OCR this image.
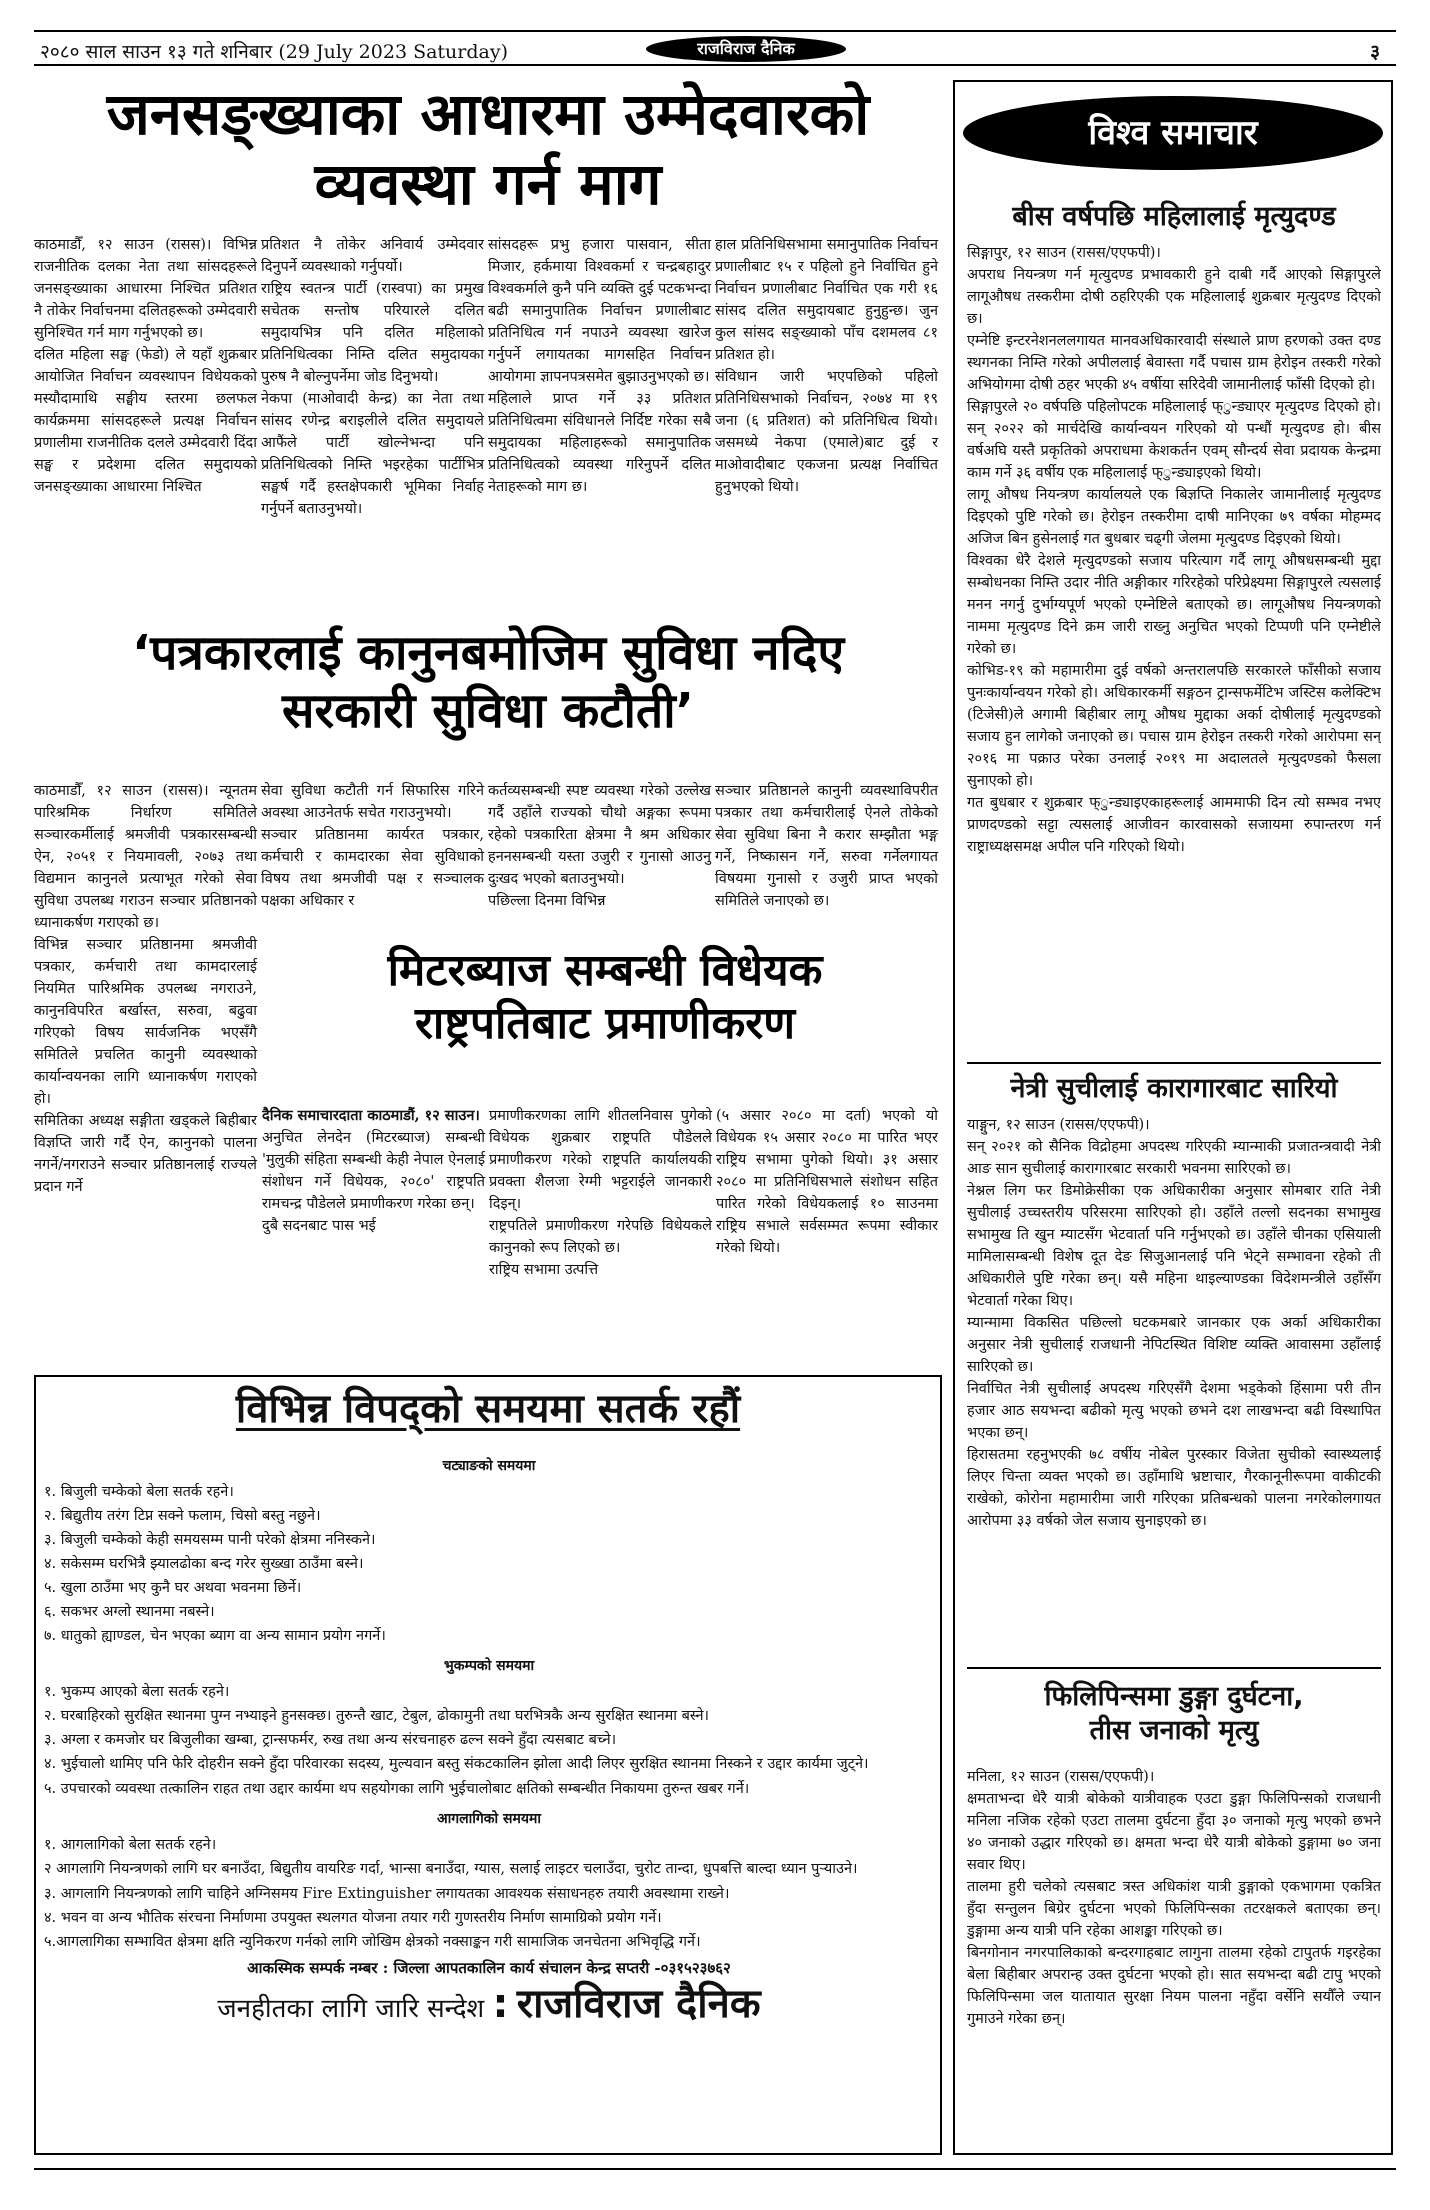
२०८० साल साउन १३ गते शनिबार (29 July 2023 Saturday)	राजविराज दैनिक	३
जनसङ्ख्याका आधारमा उम्मेदवारको
व्यवस्था गर्न माग

काठमाडौँ, १२ साउन (रासस)। विभिन्न राजनीतिक दलका नेता तथा सांसदहरूले जनसङ्ख्याका आधारमा निश्चित प्रतिशत नै तोकेर निर्वाचनमा दलितहरूको उम्मेदवारी सुनिश्चित गर्न माग गर्नुभएको छ।

दलित महिला सङ्घ (फेडो) ले यहाँ शुक्रबार आयोजित निर्वाचन व्यवस्थापन विधेयकको मस्यौदामाथि सङ्घीय स्तरमा छलफल कार्यक्रममा सांसदहरूले प्रत्यक्ष निर्वाचन प्रणालीमा राजनीतिक दलले उम्मेदवारी दिंदा सङ्घ र प्रदेशमा दलित समुदायको जनसङ्ख्याका आधारमा निश्चित

प्रतिशत नै तोकेर अनिवार्य उम्मेदवार दिनुपर्ने व्यवस्थाको गर्नुपर्यो।

राष्ट्रिय स्वतन्त्र पार्टी (रास्वपा) का प्रमुख सचेतक सन्तोष परियारले दलित समुदायभित्र पनि दलित महिलाको प्रतिनिधित्वका निम्ति दलित समुदायका पुरुष नै बोल्नुपर्नेमा जोड दिनुभयो।

नेकपा (माओवादी केन्द्र) का नेता तथा सांसद रणेन्द्र बराइलीले दलित समुदायले आफैंले पार्टी खोल्नेभन्दा पनि प्रतिनिधित्वको निम्ति भइरहेका पार्टीभित्र सङ्घर्ष गर्दै हस्तक्षेपकारी भूमिका निर्वाह गर्नुपर्ने बताउनुभयो।

सांसदहरू प्रभु हजारा पासवान, सीता मिजार, हर्कमाया विश्वकर्मा र चन्द्रबहादुर विश्वकर्माले कुनै पनि व्यक्ति दुई पटकभन्दा बढी समानुपातिक निर्वाचन प्रणालीबाट प्रतिनिधित्व गर्न नपाउने व्यवस्था खारेज गर्नुपर्ने लगायतका मागसहित निर्वाचन आयोगमा ज्ञापनपत्रसमेत बुझाउनुभएको छ।

महिलाले प्राप्त गर्ने ३३ प्रतिशत प्रतिनिधित्वमा संविधानले निर्दिष्ट गरेका सबै समुदायका महिलाहरूको समानुपातिक प्रतिनिधित्वको व्यवस्था गरिनुपर्ने दलित नेताहरूको माग छ।

हाल प्रतिनिधिसभामा समानुपातिक निर्वाचन प्रणालीबाट १५ र पहिलो हुने निर्वाचित हुने निर्वाचन प्रणालीबाट निर्वाचित एक गरी १६ सांसद दलित समुदायबाट हुनुहुन्छ। जुन कुल सांसद सङ्ख्याको पाँच दशमलव ८१ प्रतिशत हो।

संविधान जारी भएपछिको पहिलो प्रतिनिधिसभाको निर्वाचन, २०७४ मा १९ जना (६ प्रतिशत) को प्रतिनिधित्व थियो। जसमध्ये नेकपा (एमाले)बाट दुई र माओवादीबाट एकजना प्रत्यक्ष निर्वाचित हुनुभएको थियो।

‘पत्रकारलाई कानुनबमोजिम सुविधा नदिए
सरकारी सुविधा कटौती’

काठमाडौँ, १२ साउन (रासस)। न्यूनतम पारिश्रमिक निर्धारण समितिले सञ्चारकर्मीलाई श्रमजीवी पत्रकारसम्बन्धी ऐन, २०५१ र नियमावली, २०७३ तथा विद्यमान कानुनले प्रत्याभूत गरेको सेवा सुविधा उपलब्ध गराउन सञ्चार प्रतिष्ठानको ध्यानाकर्षण गराएको छ।

विभिन्न सञ्चार प्रतिष्ठानमा श्रमजीवी पत्रकार, कर्मचारी तथा कामदारलाई नियमित पारिश्रमिक उपलब्ध नगराउने, कानुनविपरित बर्खास्त, सरुवा, बढुवा गरिएको विषय सार्वजनिक भएसँगै समितिले प्रचलित कानुनी व्यवस्थाको कार्यान्वयनका लागि ध्यानाकर्षण गराएको हो।

समितिका अध्यक्ष सङ्गीता खड्कले बिहीबार विज्ञप्ति जारी गर्दै ऐन, कानुनको पालना नगर्ने/नगराउने सञ्चार प्रतिष्ठानलाई राज्यले प्रदान गर्ने

सेवा सुविधा कटौती गर्न सिफारिस गरिने अवस्था आउनेतर्फ सचेत गराउनुभयो।

सञ्चार प्रतिष्ठानमा कार्यरत पत्रकार, कर्मचारी र कामदारका सेवा सुविधाको विषय तथा श्रमजीवी पक्ष र सञ्चालक पक्षका अधिकार र

कर्तव्यसम्बन्धी स्पष्ट व्यवस्था गरेको उल्लेख गर्दै उहाँले राज्यको चौथो अङ्गका रूपमा रहेको पत्रकारिता क्षेत्रमा नै श्रम अधिकार हननसम्बन्धी यस्ता उजुरी र गुनासो आउनु दुःखद भएको बताउनुभयो।

पछिल्ला दिनमा विभिन्न

सञ्चार प्रतिष्ठानले कानुनी व्यवस्थाविपरीत पत्रकार तथा कर्मचारीलाई ऐनले तोकेको सेवा सुविधा बिना नै करार सम्झौता भङ्ग गर्ने, निष्कासन गर्ने, सरुवा गर्नेलगायत विषयमा गुनासो र उजुरी प्राप्त भएको समितिले जनाएको छ।

मिटरब्याज सम्बन्धी विधेयक
राष्ट्रपतिबाट प्रमाणीकरण

दैनिक समाचारदाता काठमाडौं, १२ साउन।

अनुचित लेनदेन (मिटरब्याज) सम्बन्धी 'मुलुकी संहिता सम्बन्धी केही नेपाल ऐनलाई संशोधन गर्ने विधेयक, २०८०' राष्ट्रपति रामचन्द्र पौडेलले प्रमाणीकरण गरेका छन्।

दुबै सदनबाट पास भई

प्रमाणीकरणका लागि शीतलनिवास पुगेको विधेयक शुक्रबार राष्ट्रपति पौडेलले प्रमाणीकरण गरेको राष्ट्रपति कार्यालयकी प्रवक्ता शैलजा रेग्मी भट्टराईले जानकारी दिइन्।

राष्ट्रपतिले प्रमाणीकरण गरेपछि विधेयकले कानुनको रूप लिएको छ।

राष्ट्रिय सभामा उत्पत्ति

(५ असार २०८० मा दर्ता) भएको यो विधेयक १५ असार २०८० मा पारित भएर राष्ट्रिय सभामा पुगेको थियो। ३१ असार २०८० मा प्रतिनिधिसभाले संशोधन सहित पारित गरेको विधेयकलाई १० साउनमा राष्ट्रिय सभाले सर्वसम्मत रूपमा स्वीकार गरेको थियो।

विभिन्न विपद्को समयमा सतर्क रहौं
चट्याङको समयमा
१. बिजुली चम्केको बेला सतर्क रहने।
२. बिद्युतीय तरंग टिप्न सक्ने फलाम, चिसो बस्तु नछुने।
३. बिजुली चम्केको केही समयसम्म पानी परेको क्षेत्रमा ननिस्कने।
४. सकेसम्म घरभित्रै झ्यालढोका बन्द गरेर सुख्खा ठाउँमा बस्ने।
५. खुला ठाउँमा भए कुनै घर अथवा भवनमा छिर्ने।
६. सकभर अग्लो स्थानमा नबस्ने।
७. धातुको ह्याण्डल, चेन भएका ब्याग वा अन्य सामान प्रयोग नगर्ने।
भुकम्पको समयमा
१. भुकम्प आएको बेला सतर्क रहने।
२. घरबाहिरको सुरक्षित स्थानमा पुग्न नभ्याइने हुनसक्छ। तुरुन्तै खाट, टेबुल, ढोकामुनी तथा घरभित्रकै अन्य सुरक्षित स्थानमा बस्ने।
३. अग्ला र कमजोर घर बिजुलीका खम्बा, ट्रान्सफर्मर, रुख तथा अन्य संरचनाहरु ढल्न सक्ने हुँदा त्यसबाट बच्ने।
४. भुईचालो थामिए पनि फेरि दोहरीन सक्ने हुँदा परिवारका सदस्य, मुल्यवान बस्तु संकटकालिन झोला आदी लिएर सुरक्षित स्थानमा निस्कने र उद्दार कार्यमा जुट्ने।
५. उपचारको व्यवस्था तत्कालिन राहत तथा उद्दार कार्यमा थप सहयोगका लागि भुईचालोबाट क्षतिको सम्बन्धीत निकायमा तुरुन्त खबर गर्ने।
आगलागिको समयमा
१. आगलागिको बेला सतर्क रहने।
२ आगलागि नियन्त्रणको लागि घर बनाउँदा, बिद्युतीय वायरिङ गर्दा, भान्सा बनाउँदा, ग्यास, सलाई लाइटर चलाउँदा, चुरोट तान्दा, धुपबत्ति बाल्दा ध्यान पुऱ्याउने।
३. आगलागि नियन्त्रणको लागि चाहिने अग्निसमय Fire Extinguisher लगायतका आवश्यक संसाधनहरु तयारी अवस्थामा राख्ने।
४. भवन वा अन्य भौतिक संरचना निर्माणमा उपयुक्त स्थलगत योजना तयार गरी गुणस्तरीय निर्माण सामाग्रिको प्रयोग गर्ने।
५.आगलागिका सम्भावित क्षेत्रमा क्षति न्युनिकरण गर्नको लागि जोखिम क्षेत्रको नक्साङ्कन गरी सामाजिक जनचेतना अभिवृद्धि गर्ने।
आकस्मिक सम्पर्क नम्बर : जिल्ला आपतकालिन कार्य संचालन केन्द्र सप्तरी -०३१५२३७६२
जनहीतका लागि जारि सन्देश : राजविराज दैनिक
विश्व समाचार
बीस वर्षपछि महिलालाई मृत्युदण्ड

सिङ्गापुर, १२ साउन (रासस/एएफपी)।

अपराध नियन्त्रण गर्न मृत्युदण्ड प्रभावकारी हुने दाबी गर्दै आएको सिङ्गापुरले लागूऔषध तस्करीमा दोषी ठहरिएकी एक महिलालाई शुक्रबार मृत्युदण्ड दिएको छ।

एम्नेष्टि इन्टरनेशनललगायत मानवअधिकारवादी संस्थाले प्राण हरणको उक्त दण्ड स्थगनका निम्ति गरेको अपीललाई बेवास्ता गर्दै पचास ग्राम हेरोइन तस्करी गरेको अभियोगमा दोषी ठहर भएकी ४५ वर्षीया सरिदेवी जामानीलाई फाँसी दिएको हो।

सिङ्गापुरले २० वर्षपछि पहिलोपटक महिलालाई फ्ुन्ड्याएर मृत्युदण्ड दिएको हो। सन् २०२२ को मार्चदेखि कार्यान्वयन गरिएको यो पन्धौं मृत्युदण्ड हो। बीस वर्षअघि यस्तै प्रकृतिको अपराधमा केशकर्तन एवम् सौन्दर्य सेवा प्रदायक केन्द्रमा काम गर्ने ३६ वर्षीय एक महिलालाई फ्ुन्ड्याइएको थियो।

लागू औषध नियन्त्रण कार्यालयले एक बिज्ञप्ति निकालेर जामानीलाई मृत्युदण्ड दिइएको पुष्टि गरेको छ। हेरोइन तस्करीमा दाषी मानिएका ७९ वर्षका मोहम्मद अजिज बिन हुसेनलाई गत बुधबार चढ्गी जेलमा मृत्युदण्ड दिइएको थियो।

विश्वका धेरै देशले मृत्युदण्डको सजाय परित्याग गर्दै लागू औषधसम्बन्धी मुद्दा सम्बोधनका निम्ति उदार नीति अङ्गीकार गरिरहेको परिप्रेक्ष्यमा सिङ्गापुरले त्यसलाई मनन नगर्नु दुर्भाग्यपूर्ण भएको एम्नेष्टिले बताएको छ। लागूऔषध नियन्त्रणको नाममा मृत्युदण्ड दिने क्रम जारी राख्नु अनुचित भएको टिप्पणी पनि एम्नेष्टीले गरेको छ।

कोभिड-१९ को महामारीमा दुई वर्षको अन्तरालपछि सरकारले फाँसीको सजाय पुनःकार्यान्वयन गरेको हो। अधिकारकर्मी सङ्गठन ट्रान्सफर्मेटिभ जस्टिस कलेक्टिभ (टिजेसी)ले अगामी बिहीबार लागू औषध मुद्दाका अर्का दोषीलाई मृत्युदण्डको सजाय हुन लागेको जनाएको छ। पचास ग्राम हेरोइन तस्करी गरेको आरोपमा सन् २०१६ मा पक्राउ परेका उनलाई २०१९ मा अदालतले मृत्युदण्डको फैसला सुनाएको हो।

गत बुधबार र शुक्रबार फ्ुन्ड्याइएकाहरूलाई आममाफी दिन त्यो सम्भव नभए प्राणदण्डको सट्टा त्यसलाई आजीवन कारवासको सजायमा रुपान्तरण गर्न राष्ट्राध्यक्षसमक्ष अपील पनि गरिएको थियो।

नेत्री सुचीलाई कारागारबाट सारियो

याङ्गुन, १२ साउन (रासस/एएफपी)।

सन् २०२१ को सैनिक विद्रोहमा अपदस्थ गरिएकी म्यान्माकी प्रजातन्त्रवादी नेत्री आङ सान सुचीलाई कारागारबाट सरकारी भवनमा सारिएको छ।

नेश्नल लिग फर डिमोक्रेसीका एक अधिकारीका अनुसार सोमबार राति नेत्री सुचीलाई उच्चस्तरीय परिसरमा सारिएको हो। उहाँले तल्लो सदनका सभामुख सभामुख ति खुन म्याटसँग भेटवार्ता पनि गर्नुभएको छ। उहाँले चीनका एसियाली मामिलासम्बन्धी विशेष दूत देङ सिजुआनलाई पनि भेट्ने सम्भावना रहेको ती अधिकारीले पुष्टि गरेका छन्। यसै महिना थाइल्याण्डका विदेशमन्त्रीले उहाँसँग भेटवार्ता गरेका थिए।

म्यान्मामा विकसित पछिल्लो घटकमबारे जानकार एक अर्का अधिकारीका अनुसार नेत्री सुचीलाई राजधानी नेपिटस्थित विशिष्ट व्यक्ति आवासमा उहाँलाई सारिएको छ।

निर्वाचित नेत्री सुचीलाई अपदस्थ गरिएसँगै देशमा भड्केको हिंसामा परी तीन हजार आठ सयभन्दा बढीको मृत्यु भएको छभने दश लाखभन्दा बढी विस्थापित भएका छन्।

हिरासतमा रहनुभएकी ७८ वर्षीय नोबेल पुरस्कार विजेता सुचीको स्वास्थ्यलाई लिएर चिन्ता व्यक्त भएको छ। उहाँमाथि भ्रष्टाचार, गैरकानूनीरूपमा वाकीटकी राखेको, कोरोना महामारीमा जारी गरिएका प्रतिबन्धको पालना नगरेकोलगायत आरोपमा ३३ वर्षको जेल सजाय सुनाइएको छ।

फिलिपिन्समा डुङ्गा दुर्घटना,
तीस जनाको मृत्यु

मनिला, १२ साउन (रासस/एएफपी)।

क्षमताभन्दा धेरै यात्री बोकेको यात्रीवाहक एउटा डुङ्गा फिलिपिन्सको राजधानी मनिला नजिक रहेको एउटा तालमा दुर्घटना हुँदा ३० जनाको मृत्यु भएको छभने ४० जनाको उद्धार गरिएको छ। क्षमता भन्दा धेरै यात्री बोकेको डुङ्गामा ७० जना सवार थिए।

तालमा हुरी चलेको त्यसबाट त्रस्त अधिकांश यात्री डुङ्गाको एकभागमा एकत्रित हुँदा सन्तुलन बिग्रेर दुर्घटना भएको फिलिपिन्सका तटरक्षकले बताएका छन्। डुङ्गामा अन्य यात्री पनि रहेका आशङ्का गरिएको छ।

बिनगोनान नगरपालिकाको बन्दरगाहबाट लागुना तालमा रहेको टापुतर्फ गइरहेका बेला बिहीबार अपरान्ह उक्त दुर्घटना भएको हो। सात सयभन्दा बढी टापु भएको फिलिपिन्समा जल यातायात सुरक्षा नियम पालना नहुँदा वर्सेनि सयौँले ज्यान गुमाउने गरेका छन्।
